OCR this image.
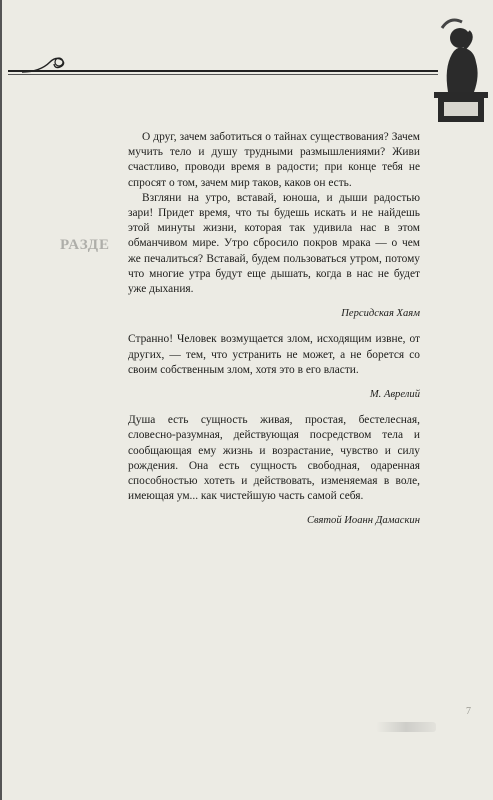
РАЗДЕ

О друг, зачем заботиться о тайнах существования? Зачем мучить тело и душу трудными размышлениями? Живи счастливо, проводи время в радости; при конце тебя не спросят о том, зачем мир таков, каков он есть.

Взгляни на утро, вставай, юноша, и дыши радостью зари! Придет время, что ты будешь искать и не найдешь этой минуты жизни, которая так удивила нас в этом обманчивом мире. Утро сбросило покров мрака — о чем же печалиться? Вставай, будем пользоваться утром, потому что многие утра будут еще дышать, когда в нас не будет уже дыхания.

Персидская Хаям

Странно! Человек возмущается злом, исходящим извне, от других, — тем, что устранить не может, а не борется со своим собственным злом, хотя это в его власти.

М. Аврелий

Душа есть сущность живая, простая, бестелесная, словесно-разумная, действующая посредством тела и сообщающая ему жизнь и возрастание, чувство и силу рождения. Она есть сущность свободная, одаренная способностью хотеть и действовать, изменяемая в воле, имеющая ум... как чистейшую часть самой себя.

Святой Иоанн Дамаскин
7
